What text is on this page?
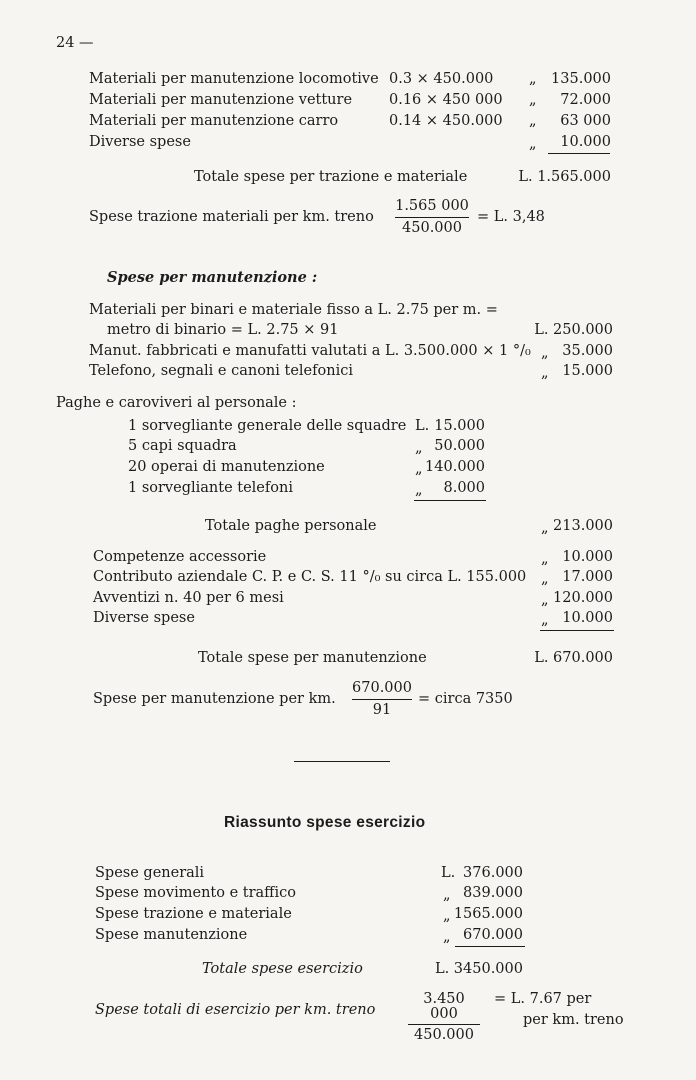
24 —
Materiali per manutenzione locomotive 0.3 × 450.000 „ 135.000
Materiali per manutenzione vetture	0.16 × 450 000 „ 72.000
Materiali per manutenzione carro	0.14 × 450.000 „ 63 000
Diverse spese	„ 10.000
Totale spese per trazione e materiale	L. 1.565.000
Spese trazione materiali per km. treno
1.565 000
450.000
= L. 3,48
Spese per manutenzione :
Materiali per binari e materiale fisso a L. 2.75 per m. =
metro di binario = L. 2.75 × 91	L. 250.000
Manut. fabbricati e manufatti valutati a L. 3.500.000 × 1 °/₀ „ 35.000
Telefono, segnali e canoni telefonici	„ 15.000
Paghe e caroviveri al personale :
1 sorvegliante generale delle squadre L. 15.000
5 capi squadra	„ 50.000
20 operai di manutenzione	„ 140.000
1 sorvegliante telefoni	„ 8.000
Totale paghe personale	„ 213.000
Competenze accessorie	„ 10.000
Contributo aziendale C. P. e C. S. 11 °/₀ su circa L. 155.000 „ 17.000
Avventizi n. 40 per 6 mesi	„ 120.000
Diverse spese	„ 10.000
Totale spese per manutenzione	L. 670.000
Spese per manutenzione per km.
670.000
91
= circa 7350
Riassunto spese esercizio
Spese generali	L. 376.000
Spese movimento e traffico	„ 839.000
Spese trazione e materiale	„ 1565.000
Spese manutenzione	„ 670.000
Totale spese esercizio	L. 3450.000
Spese totali di esercizio per km. treno
3.450 000
450.000
= L. 7.67 per
per km. treno
